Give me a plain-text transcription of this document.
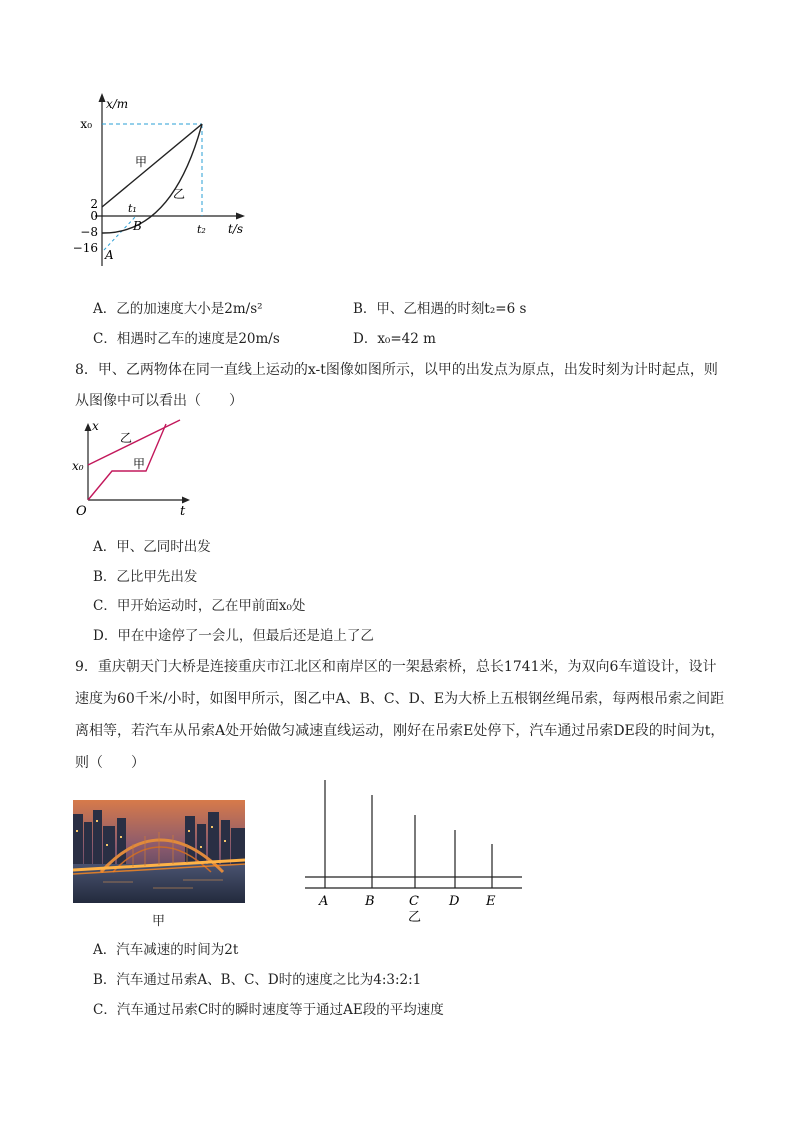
x₀
2
0
−8
−16
x/m
t/s
甲
乙
t₁
t₂
B
A
A．乙的加速度大小是2m/s²	B．甲、乙相遇的时刻t₂=6 s
C．相遇时乙车的速度是20m/s	D．x₀=42 m
8．甲、乙两物体在同一直线上运动的x-t图像如图所示，以甲的出发点为原点，出发时刻为计时起点，则
从图像中可以看出（　　）
x
t
O
x₀
乙
甲
A．甲、乙同时出发
B．乙比甲先出发
C．甲开始运动时，乙在甲前面x₀处
D．甲在中途停了一会儿，但最后还是追上了乙
9．重庆朝天门大桥是连接重庆市江北区和南岸区的一架悬索桥，总长1741米，为双向6车道设计，设计速度为60千米/小时，如图甲所示，图乙中A、B、C、D、E为大桥上五根钢丝绳吊索，每两根吊索之间距离相等，若汽车从吊索A处开始做匀减速直线运动，刚好在吊索E处停下，汽车通过吊索DE段的时间为t，则（　　）
甲
A	B	C D E
乙
A．汽车减速的时间为2t
B．汽车通过吊索A、B、C、D时的速度之比为4:3:2:1
C．汽车通过吊索C时的瞬时速度等于通过AE段的平均速度
